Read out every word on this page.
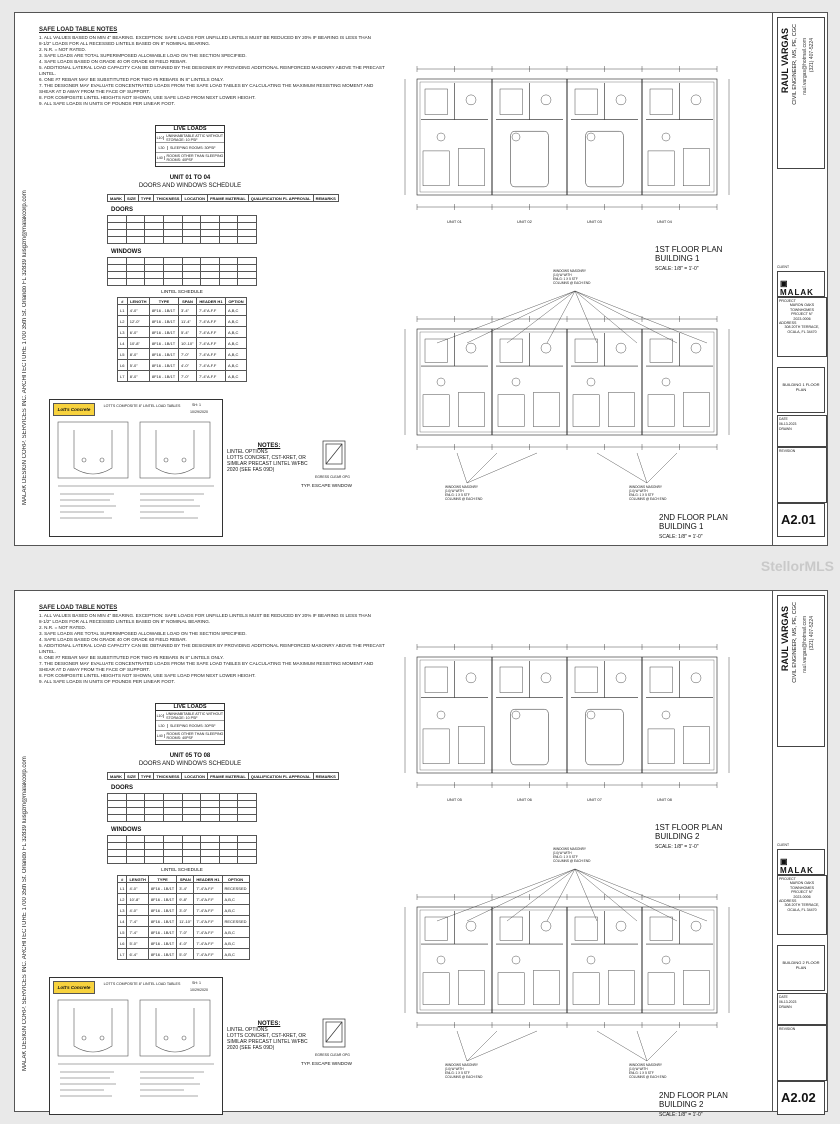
MALAK DESIGN CORP. SERVICES INC. ARCHITECTURE 1700 35th St. Orlando FL 32839 luisgzm@malakcorp.com
SAFE LOAD TABLE NOTES
1. ALL VALUES BASED ON MIN 4" BEARING. EXCEPTION: SAFE LOADS FOR UNFILLED LINTELS MUST BE REDUCED BY 20% IF BEARING IS LESS THAN
8-1/2" LOADS FOR ALL RECESSED LINTELS BASED ON 8" NOMINAL BEARING.
2. N.R. = NOT RATED.
3. SAFE LOADS ARE TOTAL SUPERIMPOSED ALLOWABLE LOAD ON THE SECTION SPECIFIED.
4. SAFE LOADS BASED ON GRADE 40 OR GRADE 60 FIELD REBAR.
5. ADDITIONAL LATERAL LOAD CAPACITY CAN BE OBTAINED BY THE DESIGNER BY PROVIDING ADDITIONAL REINFORCED MASONRY ABOVE THE PRECAST
LINTEL.
6. ONE #7 REBAR MAY BE SUBSTITUTED FOR TWO #5 REBARS IN 8" LINTELS ONLY.
7. THE DESIGNER MAY EVALUATE CONCENTRATED LOADS FROM THE SAFE LOAD TABLES BY CALCULATING THE MAXIMUM RESISTING MOMENT AND
SHEAR AT D AWAY FROM THE FACE OF SUPPORT.
8. FOR COMPOSITE LINTEL HEIGHTS NOT SHOWN, USE SAFE LOAD FROM NEXT LOWER HEIGHT.
9. ALL SAFE LOADS IN UNITS OF POUNDS PER LINEAR FOOT.
LIVE LOADS
L10 UNINHABITABLE ATTIC WITHOUT STORAGE: 10 PSF
L30	SLEEPING ROOMS: 30PSF
L40	ROOMS OTHER THAN SLEEPING ROOMS: 40PSF
UNIT 01 TO 04
DOORS AND WINDOWS SCHEDULE
MARK	SIZE	TYPE	THICKNESS	LOCATION	FRAME MATERIAL	QUALIFICATION FL APPROVAL	REMARKS
DOORS

WINDOWS

LINTEL SCHEDULE
#	LENGTH	TYPE	SPAN	HEADER H1	OPTION
L1	4'-0"	8F16 - 1B/1T	3'-4"	7'-4"A.F.F	A,B,C
L2	12'-0"	8F16 - 1B/1T	11'-4"	7'-4"A.F.F	A,B,C
L3	6'-0"	8F16 - 1B/1T	5'-4"	7'-4"A.F.F	A,B,C
L4	10'-8"	8F16 - 1B/1T	10'-10"	7'-4"A.F.F	A,B,C
L5	8'-0"	8F16 - 1B/1T	7'-0"	7'-4"A.F.F	A,B,C
L6	5'-0"	8F16 - 1B/1T	4'-0"	7'-4"A.F.F	A,B,C
L7	8'-0"	8F16 - 1B/1T	7'-0"	7'-4"A.F.F	A,B,C
Lott's Concrete
LOTTS COMPOSITE 8" LINTEL LOAD TABLES	SH: 1
10/29/2020
NOTES:
LINTEL OPTIONS
LOTTS CONCRET, CST-KRET, OR
SIMILAR PRECAST LINTEL W/FBC
2020 (SEE FAS 09D)
EGRESS CLEAR OPG
TYP. ESCAPE WINDOW
UNIT 01	UNIT 02	UNIT 03	UNIT 04
1ST FLOOR PLAN
BUILDING 1
SCALE: 1/8" = 1'-0"
WINDOWS MASONRY
(14) W WITH
ENLG: 1 X 5 STF
COLUMNS @ EACH END
WINDOWS MASONRY
(14) W WITH
ENLG: 1 X 5 STF
COLUMNS @ EACH END
WINDOWS MASONRY
(14) W WITH
ENLG: 1 X 5 STF
COLUMNS @ EACH END
2ND FLOOR PLAN
BUILDING 1
SCALE: 1/8" = 1'-0"
RAUL VARGAS CIVIL ENGINEER, MS, PE, CGC raul.vargas@hotmail.com (321) 407-5224
CLIENT
▣ MALAK
PROJECT
MARON OAKS TOWNHOMES
PROJECT N°
2023-0006
ADDRESS
308 20TH TERRACE, OCALA, FL 34470
BUILDING 1 FLOOR PLAN
DATE
06-13-2023
DRAWN
REVISION
A2.01
MALAK DESIGN CORP. SERVICES INC. ARCHITECTURE 1700 35th St. Orlando FL 32839 luisgzm@malakcorp.com
SAFE LOAD TABLE NOTES
1. ALL VALUES BASED ON MIN 4" BEARING. EXCEPTION: SAFE LOADS FOR UNFILLED LINTELS MUST BE REDUCED BY 20% IF BEARING IS LESS THAN
8-1/2" LOADS FOR ALL RECESSED LINTELS BASED ON 8" NOMINAL BEARING.
2. N.R. = NOT RATED.
3. SAFE LOADS ARE TOTAL SUPERIMPOSED ALLOWABLE LOAD ON THE SECTION SPECIFIED.
4. SAFE LOADS BASED ON GRADE 40 OR GRADE 60 FIELD REBAR.
5. ADDITIONAL LATERAL LOAD CAPACITY CAN BE OBTAINED BY THE DESIGNER BY PROVIDING ADDITIONAL REINFORCED MASONRY ABOVE THE PRECAST
LINTEL.
6. ONE #7 REBAR MAY BE SUBSTITUTED FOR TWO #5 REBARS IN 8" LINTELS ONLY.
7. THE DESIGNER MAY EVALUATE CONCENTRATED LOADS FROM THE SAFE LOAD TABLES BY CALCULATING THE MAXIMUM RESISTING MOMENT AND
SHEAR AT D AWAY FROM THE FACE OF SUPPORT.
8. FOR COMPOSITE LINTEL HEIGHTS NOT SHOWN, USE SAFE LOAD FROM NEXT LOWER HEIGHT.
9. ALL SAFE LOADS IN UNITS OF POUNDS PER LINEAR FOOT.
LIVE LOADS
L10 UNINHABITABLE ATTIC WITHOUT STORAGE: 10 PSF
L30	SLEEPING ROOMS: 30PSF
L40	ROOMS OTHER THAN SLEEPING ROOMS: 40PSF
UNIT 05 TO 08
DOORS AND WINDOWS SCHEDULE
MARK	SIZE	TYPE	THICKNESS	LOCATION	FRAME MATERIAL	QUALIFICATION FL APPROVAL	REMARKS
DOORS

WINDOWS

LINTEL SCHEDULE
#	LENGTH	TYPE	SPAN	HEADER H1	OPTION
L1	4'-0"	8F16 - 1B/1T	3'-4"	7'-4"A.F.F	RECESSED
L2	10'-8"	8F16 - 1B/1T	9'-8"	7'-4"A.F.F	A,B,C
L3	4'-0"	8F16 - 1B/1T	3'-0"	7'-4"A.F.F	A,B,C
L4	7'-4"	8F16 - 1B/1T	11'-10"	7'-4"A.F.F	RECESSED
L5	7'-4"	8F16 - 1B/1T	7'-0"	7'-4"A.F.F	A,B,C
L6	5'-0"	8F16 - 1B/1T	4'-0"	7'-4"A.F.F	A,B,C
L7	6'-4"	8F16 - 1B/1T	5'-0"	7'-4"A.F.F	A,B,C
Lott's Concrete
LOTTS COMPOSITE 8" LINTEL LOAD TABLES	SH: 1
10/29/2020
NOTES:
LINTEL OPTIONS
LOTTS CONCRET, CST-KRET, OR
SIMILAR PRECAST LINTEL W/FBC
2020 (SEE FAS 09D)
EGRESS CLEAR OPG
TYP. ESCAPE WINDOW
UNIT 05	UNIT 06	UNIT 07	UNIT 08
1ST FLOOR PLAN
BUILDING 2
SCALE: 1/8" = 1'-0"
WINDOWS MASONRY
(14) W WITH
ENLG: 1 X 5 STF
COLUMNS @ EACH END
WINDOWS MASONRY
(14) W WITH
ENLG: 1 X 5 STF
COLUMNS @ EACH END
WINDOWS MASONRY
(14) W WITH
ENLG: 1 X 5 STF
COLUMNS @ EACH END
2ND FLOOR PLAN
BUILDING 2
SCALE: 1/8" = 1'-0"
RAUL VARGAS CIVIL ENGINEER, MS, PE, CGC raul.vargas@hotmail.com (321) 407-5224
CLIENT
▣ MALAK
PROJECT
MARON OAKS TOWNHOMES
PROJECT N°
2023-0006
ADDRESS
308 20TH TERRACE, OCALA, FL 34470
BUILDING 2 FLOOR PLAN
DATE
06-13-2023
DRAWN
REVISION
A2.02
StellorMLS
